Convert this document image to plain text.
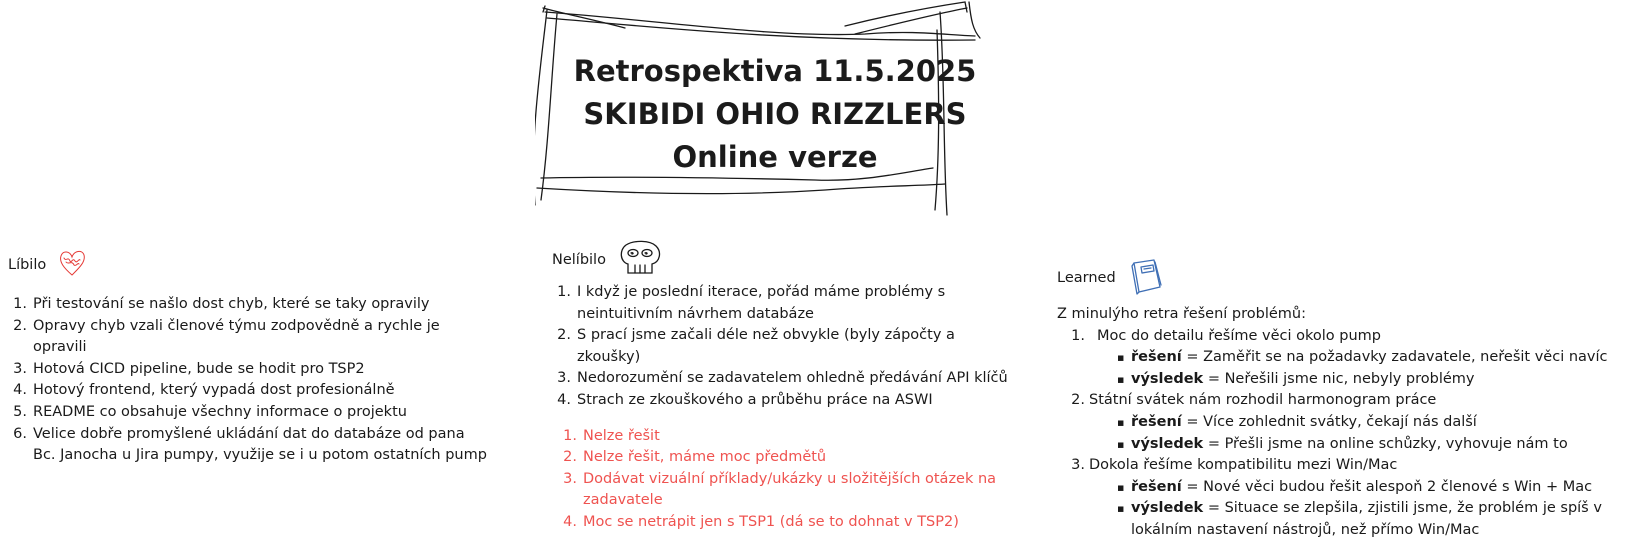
Retrospektiva 11.5.2025
SKIBIDI OHIO RIZZLERS
Online verze
Líbilo
1. Při testování se našlo dost chyb, které se taky opravily
2. Opravy chyb vzali členové týmu zodpovědně a rychle je opravili
3. Hotová CICD pipeline, bude se hodit pro TSP2
4. Hotový frontend, který vypadá dost profesionálně
5. README co obsahuje všechny informace o projektu
6. Velice dobře promyšlené ukládání dat do databáze od pana Bc. Janocha u Jira pumpy, využije se i u potom ostatních pump
Nelíbilo
1. I když je poslední iterace, pořád máme problémy s neintuitivním návrhem databáze
2. S prací jsme začali déle než obvykle (byly zápočty a zkoušky)
3. Nedorozumění se zadavatelem ohledně předávání API klíčů
4. Strach ze zkouškového a průběhu práce na ASWI
1. Nelze řešit
2. Nelze řešit, máme moc předmětů
3. Dodávat vizuální příklady/ukázky u složitějších otázek na zadavatele
4. Moc se netrápit jen s TSP1 (dá se to dohnat v TSP2)
Learned
Z minulýho retra řešení problémů:
1. Moc do detailu řešíme věci okolo pump
▪ řešení = Zaměřit se na požadavky zadavatele, neřešit věci navíc
▪ výsledek = Neřešili jsme nic, nebyly problémy
2. Státní svátek nám rozhodil harmonogram práce
▪ řešení = Více zohlednit svátky, čekají nás další
▪ výsledek = Přešli jsme na online schůzky, vyhovuje nám to
3. Dokola řešíme kompatibilitu mezi Win/Mac
▪ řešení = Nové věci budou řešit alespoň 2 členové s Win + Mac
▪ výsledek = Situace se zlepšila, zjistili jsme, že problém je spíš v lokálním nastavení nástrojů, než přímo Win/Mac
